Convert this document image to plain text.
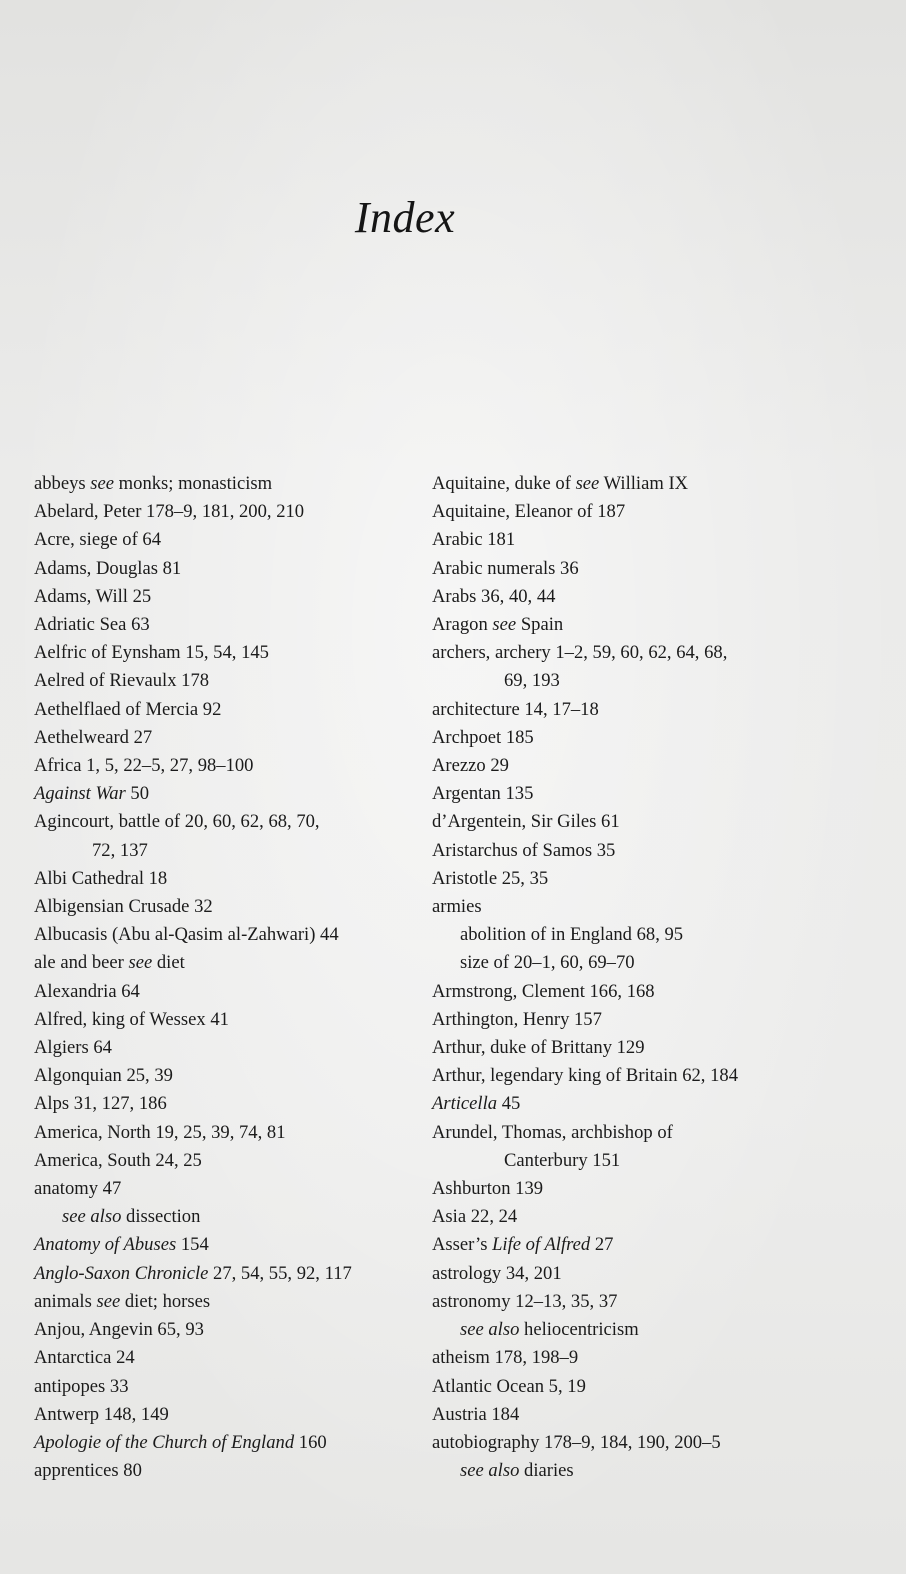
Index
abbeys see monks; monasticism
Abelard, Peter 178–9, 181, 200, 210
Acre, siege of 64
Adams, Douglas 81
Adams, Will 25
Adriatic Sea 63
Aelfric of Eynsham 15, 54, 145
Aelred of Rievaulx 178
Aethelflaed of Mercia 92
Aethelweard 27
Africa 1, 5, 22–5, 27, 98–100
Against War 50
Agincourt, battle of 20, 60, 62, 68, 70,
72, 137
Albi Cathedral 18
Albigensian Crusade 32
Albucasis (Abu al-Qasim al-Zahwari) 44
ale and beer see diet
Alexandria 64
Alfred, king of Wessex 41
Algiers 64
Algonquian 25, 39
Alps 31, 127, 186
America, North 19, 25, 39, 74, 81
America, South 24, 25
anatomy 47
see also dissection
Anatomy of Abuses 154
Anglo-Saxon Chronicle 27, 54, 55, 92, 117
animals see diet; horses
Anjou, Angevin 65, 93
Antarctica 24
antipopes 33
Antwerp 148, 149
Apologie of the Church of England 160
apprentices 80
Aquitaine, duke of see William IX
Aquitaine, Eleanor of 187
Arabic 181
Arabic numerals 36
Arabs 36, 40, 44
Aragon see Spain
archers, archery 1–2, 59, 60, 62, 64, 68,
69, 193
architecture 14, 17–18
Archpoet 185
Arezzo 29
Argentan 135
d’Argentein, Sir Giles 61
Aristarchus of Samos 35
Aristotle 25, 35
armies
abolition of in England 68, 95
size of 20–1, 60, 69–70
Armstrong, Clement 166, 168
Arthington, Henry 157
Arthur, duke of Brittany 129
Arthur, legendary king of Britain 62, 184
Articella 45
Arundel, Thomas, archbishop of
Canterbury 151
Ashburton 139
Asia 22, 24
Asser’s Life of Alfred 27
astrology 34, 201
astronomy 12–13, 35, 37
see also heliocentricism
atheism 178, 198–9
Atlantic Ocean 5, 19
Austria 184
autobiography 178–9, 184, 190, 200–5
see also diaries
